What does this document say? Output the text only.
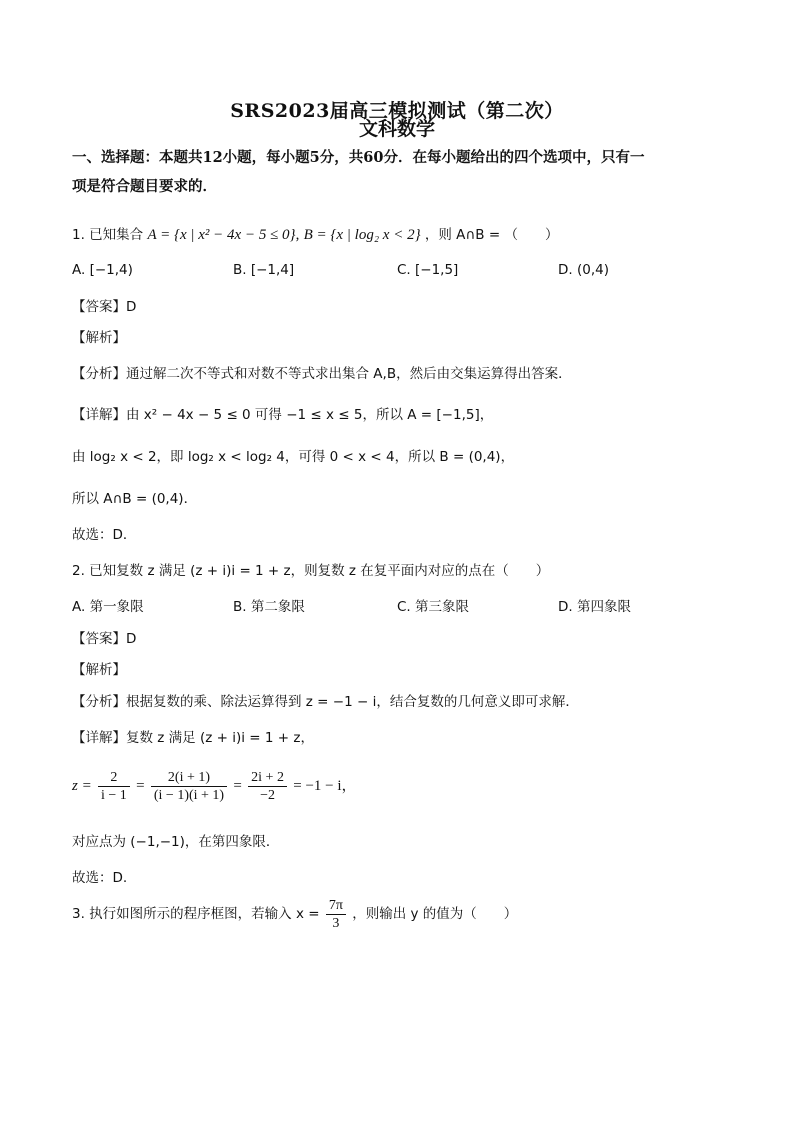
SRS2023届高三模拟测试（第二次）
文科数学
一、选择题：本题共12小题，每小题5分，共60分．在每小题给出的四个选项中，只有一
项是符合题目要求的．
1. 已知集合 A = {x | x² − 4x − 5 ≤ 0}, B = {x | log₂ x < 2} ，则 A∩B = （　　）
A. [−1,4)	B. [−1,4]	C. [−1,5]	D. (0,4)
【答案】D
【解析】
【分析】通过解二次不等式和对数不等式求出集合 A,B，然后由交集运算得出答案．
【详解】由 x² − 4x − 5 ≤ 0 可得 −1 ≤ x ≤ 5，所以 A = [−1,5]，
由 log₂ x < 2，即 log₂ x < log₂ 4，可得 0 < x < 4，所以 B = (0,4)，
所以 A∩B = (0,4)．
故选：D．
2. 已知复数 z 满足 (z + i)i = 1 + z，则复数 z 在复平面内对应的点在（　　）
A. 第一象限	B. 第二象限	C. 第三象限	D. 第四象限
【答案】D
【解析】
【分析】根据复数的乘、除法运算得到 z = −1 − i，结合复数的几何意义即可求解．
【详解】复数 z 满足 (z + i)i = 1 + z，
$z = \frac{2}{i - 1} = \frac{2(i + 1)}{(i - 1)(i + 1)} = \frac{2i + 2}{-2} = -1 - i$，
对应点为 (−1,−1)，在第四象限．
故选：D.
3. 执行如图所示的程序框图，若输入 $x = \frac{7\pi}{3}$ ，则输出 y 的值为（　　）
